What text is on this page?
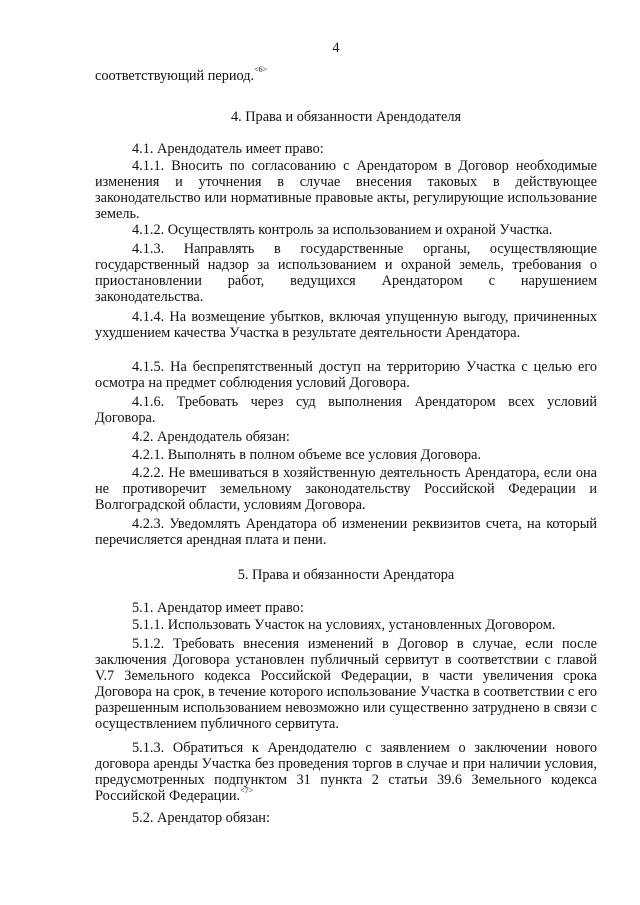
4
соответствующий период.$^{<6>}$
4. Права и обязанности Арендодателя
4.1. Арендодатель имеет право:
4.1.1. Вносить по согласованию с Арендатором в Договор необходимые изменения и уточнения в случае внесения таковых в действующее законодательство или нормативные правовые акты, регулирующие использование земель.
4.1.2. Осуществлять контроль за использованием и охраной Участка.
4.1.3. Направлять в государственные органы, осуществляющие государственный надзор за использованием и охраной земель, требования о приостановлении работ, ведущихся Арендатором с нарушением законодательства.
4.1.4. На возмещение убытков, включая упущенную выгоду, причиненных ухудшением качества Участка в результате деятельности Арендатора.
4.1.5. На беспрепятственный доступ на территорию Участка с целью его осмотра на предмет соблюдения условий Договора.
4.1.6. Требовать через суд выполнения Арендатором всех условий Договора.
4.2. Арендодатель обязан:
4.2.1. Выполнять в полном объеме все условия Договора.
4.2.2. Не вмешиваться в хозяйственную деятельность Арендатора, если она не противоречит земельному законодательству Российской Федерации и Волгоградской области, условиям Договора.
4.2.3. Уведомлять Арендатора об изменении реквизитов счета, на который перечисляется арендная плата и пени.
5. Права и обязанности Арендатора
5.1. Арендатор имеет право:
5.1.1. Использовать Участок на условиях, установленных Договором.
5.1.2. Требовать внесения изменений в Договор в случае, если после заключения Договора установлен публичный сервитут в соответствии с главой V.7 Земельного кодекса Российской Федерации, в части увеличения срока Договора на срок, в течение которого использование Участка в соответствии с его разрешенным использованием невозможно или существенно затруднено в связи с осуществлением публичного сервитута.
5.1.3. Обратиться к Арендодателю с заявлением о заключении нового договора аренды Участка без проведения торгов в случае и при наличии условия, предусмотренных подпунктом 31 пункта 2 статьи 39.6 Земельного кодекса Российской Федерации.$^{<7>}$
5.2. Арендатор обязан:
